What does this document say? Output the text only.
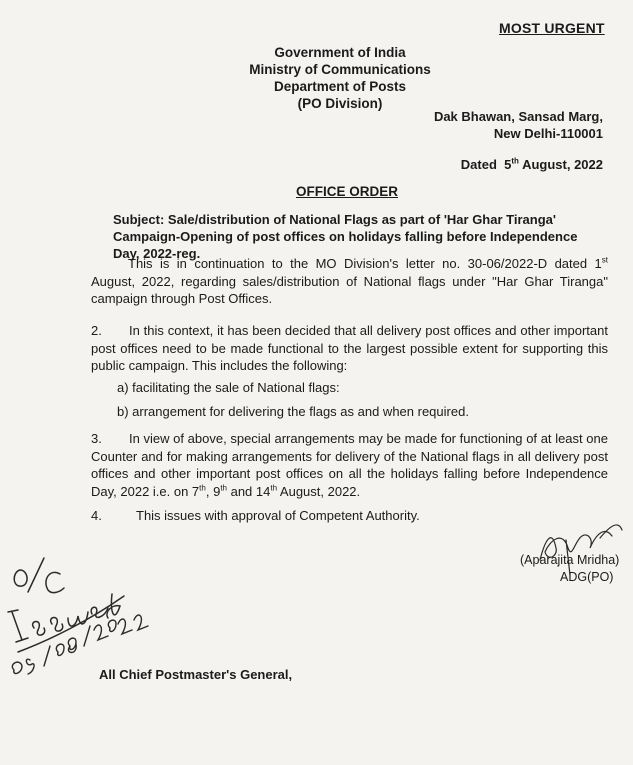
MOST URGENT

Government of India
Ministry of Communications
Department of Posts
(PO Division)
Dak Bhawan, Sansad Marg,
New Delhi-110001

Dated 5th August, 2022

OFFICE ORDER

Subject: Sale/distribution of National Flags as part of 'Har Ghar Tiranga' Campaign-Opening of post offices on holidays falling before Independence Day, 2022-reg.

This is in continuation to the MO Division's letter no. 30-06/2022-D dated 1st August, 2022, regarding sales/distribution of National flags under "Har Ghar Tiranga" campaign through Post Offices.

2. In this context, it has been decided that all delivery post offices and other important post offices need to be made functional to the largest possible extent for supporting this public campaign. This includes the following:

a) facilitating the sale of National flags:

b) arrangement for delivering the flags as and when required.

3. In view of above, special arrangements may be made for functioning of at least one Counter and for making arrangements for delivery of the National flags in all delivery post offices and other important post offices on all the holidays falling before Independence Day, 2022 i.e. on 7th, 9th and 14th August, 2022.

4.	This issues with approval of Competent Authority.

(Aparajita Mridha)

ADG(PO)

All Chief Postmaster's General,
